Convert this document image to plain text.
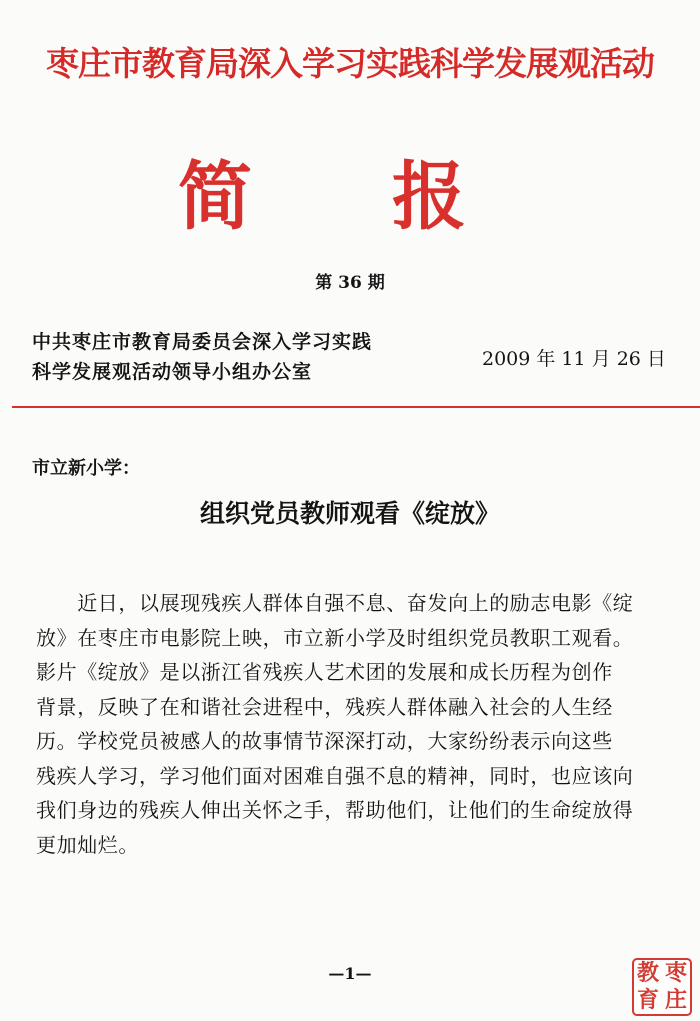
枣庄市教育局深入学习实践科学发展观活动
简 报
第 36 期
中共枣庄市教育局委员会深入学习实践
科学发展观活动领导小组办公室
2009 年 11 月 26 日
市立新小学：
组织党员教师观看《绽放》
　　近日，以展现残疾人群体自强不息、奋发向上的励志电影《绽
放》在枣庄市电影院上映，市立新小学及时组织党员教职工观看。
影片《绽放》是以浙江省残疾人艺术团的发展和成长历程为创作
背景，反映了在和谐社会进程中，残疾人群体融入社会的人生经
历。学校党员被感人的故事情节深深打动，大家纷纷表示向这些
残疾人学习，学习他们面对困难自强不息的精神，同时，也应该向
我们身边的残疾人伸出关怀之手，帮助他们，让他们的生命绽放得
更加灿烂。
—1—	教 枣
育 庄
